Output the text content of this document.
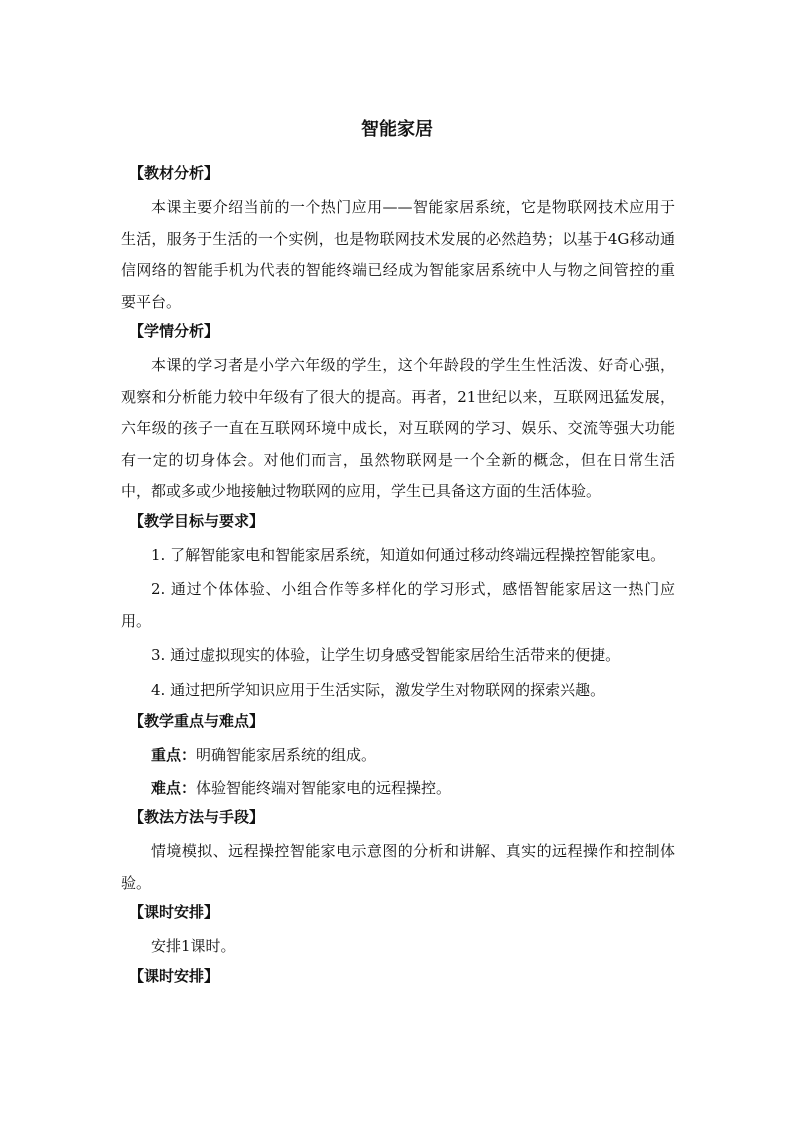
智能家居
【教材分析】

本课主要介绍当前的一个热门应用——智能家居系统，它是物联网技术应用于生活，服务于生活的一个实例，也是物联网技术发展的必然趋势；以基于4G移动通信网络的智能手机为代表的智能终端已经成为智能家居系统中人与物之间管控的重要平台。

【学情分析】

本课的学习者是小学六年级的学生，这个年龄段的学生生性活泼、好奇心强，观察和分析能力较中年级有了很大的提高。再者，21世纪以来，互联网迅猛发展，六年级的孩子一直在互联网环境中成长，对互联网的学习、娱乐、交流等强大功能有一定的切身体会。对他们而言，虽然物联网是一个全新的概念，但在日常生活中，都或多或少地接触过物联网的应用，学生已具备这方面的生活体验。

【教学目标与要求】

1. 了解智能家电和智能家居系统，知道如何通过移动终端远程操控智能家电。

2. 通过个体体验、小组合作等多样化的学习形式，感悟智能家居这一热门应用。

3. 通过虚拟现实的体验，让学生切身感受智能家居给生活带来的便捷。

4. 通过把所学知识应用于生活实际，激发学生对物联网的探索兴趣。

【教学重点与难点】
重点：明确智能家居系统的组成。
难点：体验智能终端对智能家电的远程操控。
【教法方法与手段】

情境模拟、远程操控智能家电示意图的分析和讲解、真实的远程操作和控制体验。

【课时安排】
安排1课时。
【课时安排】
